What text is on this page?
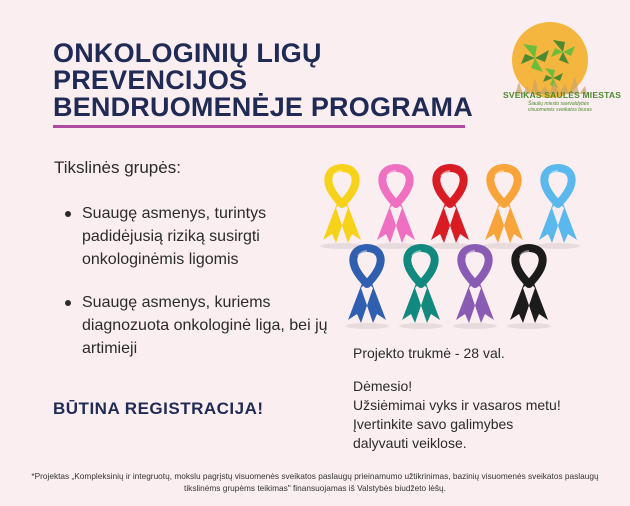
ONKOLOGINIŲ LIGŲ
PREVENCIJOS
BENDRUOMENĖJE PROGRAMA	SVEIKAS SAULĖS MIESTAS
Šiaulių miesto savivaldybės
visuomenės sveikatos biuras
Tikslinės grupės:
Suaugę asmenys, turintys padidėjusią riziką susirgti onkologinėmis ligomis
Suaugę asmenys, kuriems diagnozuota onkologinė liga, bei jų artimieji
BŪTINA REGISTRACIJA!
Projekto trukmė - 28 val.
Dėmesio!
Užsiėmimai vyks ir vasaros metu!
Įvertinkite savo galimybes
dalyvauti veiklose.
*Projektas „Kompleksinių ir integruotų, mokslu pagrįstų visuomenės sveikatos paslaugų prieinamumo užtikrinimas, bazinių visuomenės sveikatos paslaugų tikslinėms grupėms teikimas" finansuojamas iš Valstybės biudžeto lėšų.
